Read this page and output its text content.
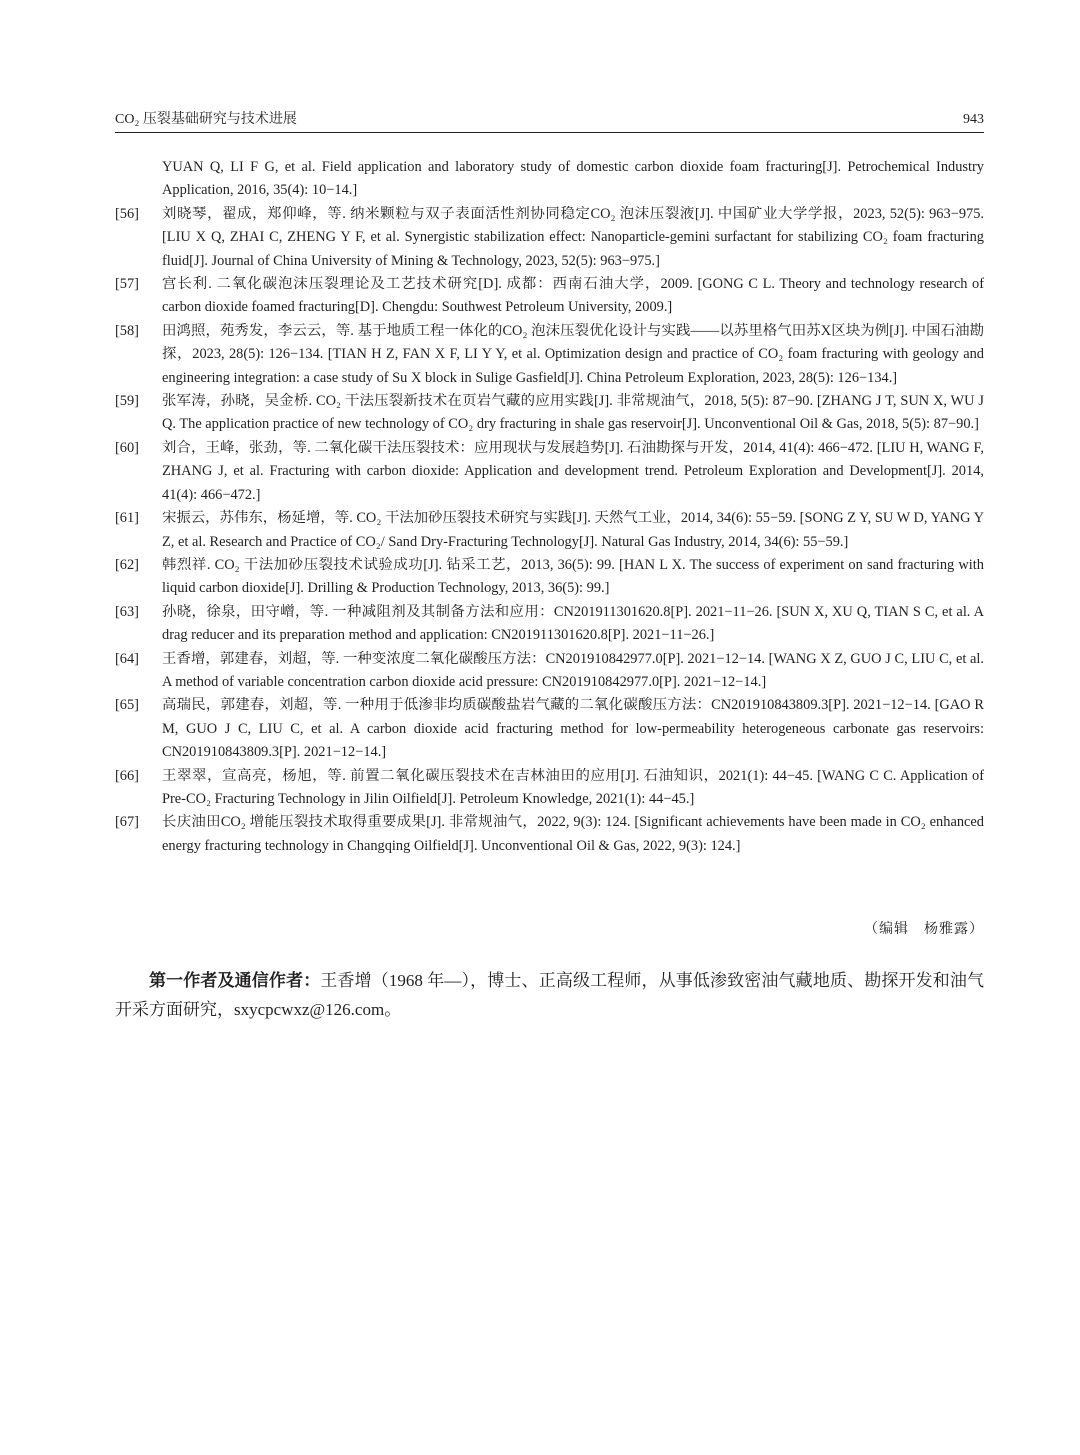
CO₂ 压裂基础研究与技术进展	943
YUAN Q, LI F G, et al. Field application and laboratory study of domestic carbon dioxide foam fracturing[J]. Petrochemical Industry Application, 2016, 35(4): 10−14.]
[56]	刘晓琴，翟成，郑仰峰，等. 纳米颗粒与双子表面活性剂协同稳定CO₂ 泡沫压裂液[J]. 中国矿业大学学报，2023, 52(5): 963−975. [LIU X Q, ZHAI C, ZHENG Y F, et al. Synergistic stabilization effect: Nanoparticle-gemini surfactant for stabilizing CO₂ foam fracturing fluid[J]. Journal of China University of Mining & Technology, 2023, 52(5): 963−975.]
[57]	宫长利. 二氧化碳泡沫压裂理论及工艺技术研究[D]. 成都：西南石油大学，2009. [GONG C L. Theory and technology research of carbon dioxide foamed fracturing[D]. Chengdu: Southwest Petroleum University, 2009.]
[58]	田鸿照，苑秀发，李云云，等. 基于地质工程一体化的CO₂ 泡沫压裂优化设计与实践——以苏里格气田苏X区块为例[J]. 中国石油勘探，2023, 28(5): 126−134. [TIAN H Z, FAN X F, LI Y Y, et al. Optimization design and practice of CO₂ foam fracturing with geology and engineering integration: a case study of Su X block in Sulige Gasfield[J]. China Petroleum Exploration, 2023, 28(5): 126−134.]
[59]	张军涛，孙晓，吴金桥. CO₂ 干法压裂新技术在页岩气藏的应用实践[J]. 非常规油气，2018, 5(5): 87−90. [ZHANG J T, SUN X, WU J Q. The application practice of new technology of CO₂ dry fracturing in shale gas reservoir[J]. Unconventional Oil & Gas, 2018, 5(5): 87−90.]
[60]	刘合，王峰，张劲，等. 二氧化碳干法压裂技术：应用现状与发展趋势[J]. 石油勘探与开发，2014, 41(4): 466−472. [LIU H, WANG F, ZHANG J, et al. Fracturing with carbon dioxide: Application and development trend. Petroleum Exploration and Development[J]. 2014, 41(4): 466−472.]
[61]	宋振云，苏伟东，杨延增，等. CO₂ 干法加砂压裂技术研究与实践[J]. 天然气工业，2014, 34(6): 55−59. [SONG Z Y, SU W D, YANG Y Z, et al. Research and Practice of CO₂/ Sand Dry-Fracturing Technology[J]. Natural Gas Industry, 2014, 34(6): 55−59.]
[62]	韩烈祥. CO₂ 干法加砂压裂技术试验成功[J]. 钻采工艺，2013, 36(5): 99. [HAN L X. The success of experiment on sand fracturing with liquid carbon dioxide[J]. Drilling & Production Technology, 2013, 36(5): 99.]
[63]	孙晓，徐泉，田守嶒，等. 一种减阻剂及其制备方法和应用：CN201911301620.8[P]. 2021−11−26. [SUN X, XU Q, TIAN S C, et al. A drag reducer and its preparation method and application: CN201911301620.8[P]. 2021−11−26.]
[64]	王香增，郭建春，刘超，等. 一种变浓度二氧化碳酸压方法：CN201910842977.0[P]. 2021−12−14. [WANG X Z, GUO J C, LIU C, et al. A method of variable concentration carbon dioxide acid pressure: CN201910842977.0[P]. 2021−12−14.]
[65]	高瑞民，郭建春，刘超，等. 一种用于低渗非均质碳酸盐岩气藏的二氧化碳酸压方法：CN201910843809.3[P]. 2021−12−14. [GAO R M, GUO J C, LIU C, et al. A carbon dioxide acid fracturing method for low-permeability heterogeneous carbonate gas reservoirs: CN201910843809.3[P]. 2021−12−14.]
[66]	王翠翠，宣高亮，杨旭，等. 前置二氧化碳压裂技术在吉林油田的应用[J]. 石油知识，2021(1): 44−45. [WANG C C. Application of Pre-CO₂ Fracturing Technology in Jilin Oilfield[J]. Petroleum Knowledge, 2021(1): 44−45.]
[67]	长庆油田CO₂ 增能压裂技术取得重要成果[J]. 非常规油气，2022, 9(3): 124. [Significant achievements have been made in CO₂ enhanced energy fracturing technology in Changqing Oilfield[J]. Unconventional Oil & Gas, 2022, 9(3): 124.]
（编辑　杨雅露）
第一作者及通信作者：王香增（1968 年—），博士、正高级工程师，从事低渗致密油气藏地质、勘探开发和油气开采方面研究，sxycpcwxz@126.com。
